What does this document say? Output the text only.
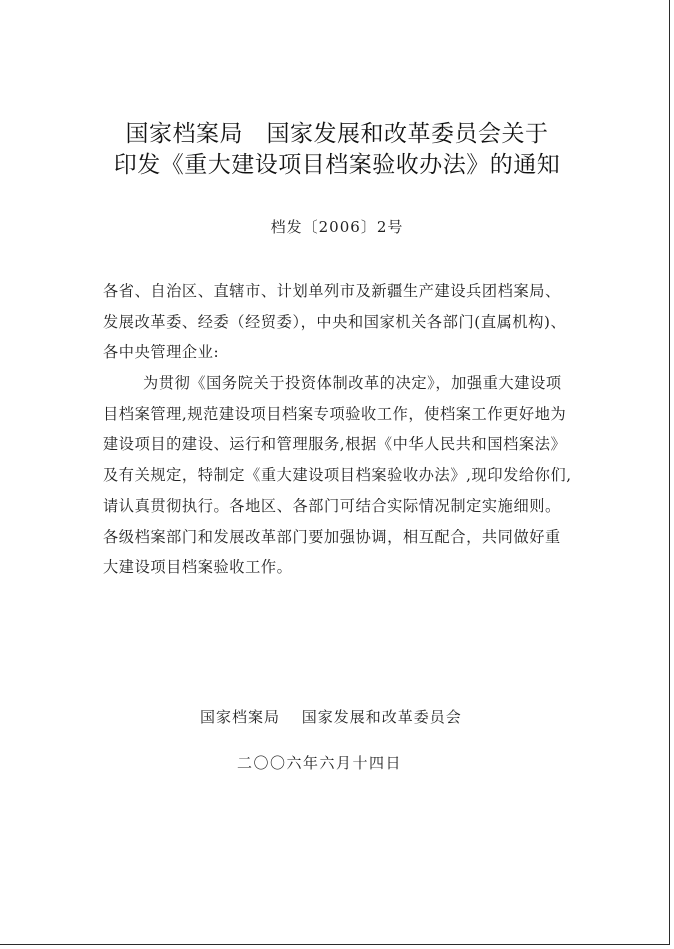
国家档案局　国家发展和改革委员会关于
印发《重大建设项目档案验收办法》的通知
档发〔2006〕2号
各省、自治区、直辖市、计划单列市及新疆生产建设兵团档案局、发展改革委、经委（经贸委），中央和国家机关各部门(直属机构)、各中央管理企业:
为贯彻《国务院关于投资体制改革的决定》，加强重大建设项目档案管理,规范建设项目档案专项验收工作，使档案工作更好地为建设项目的建设、运行和管理服务,根据《中华人民共和国档案法》及有关规定，特制定《重大建设项目档案验收办法》,现印发给你们,请认真贯彻执行。各地区、各部门可结合实际情况制定实施细则。各级档案部门和发展改革部门要加强协调，相互配合，共同做好重大建设项目档案验收工作。
国家档案局　 国家发展和改革委员会
二〇〇六年六月十四日
